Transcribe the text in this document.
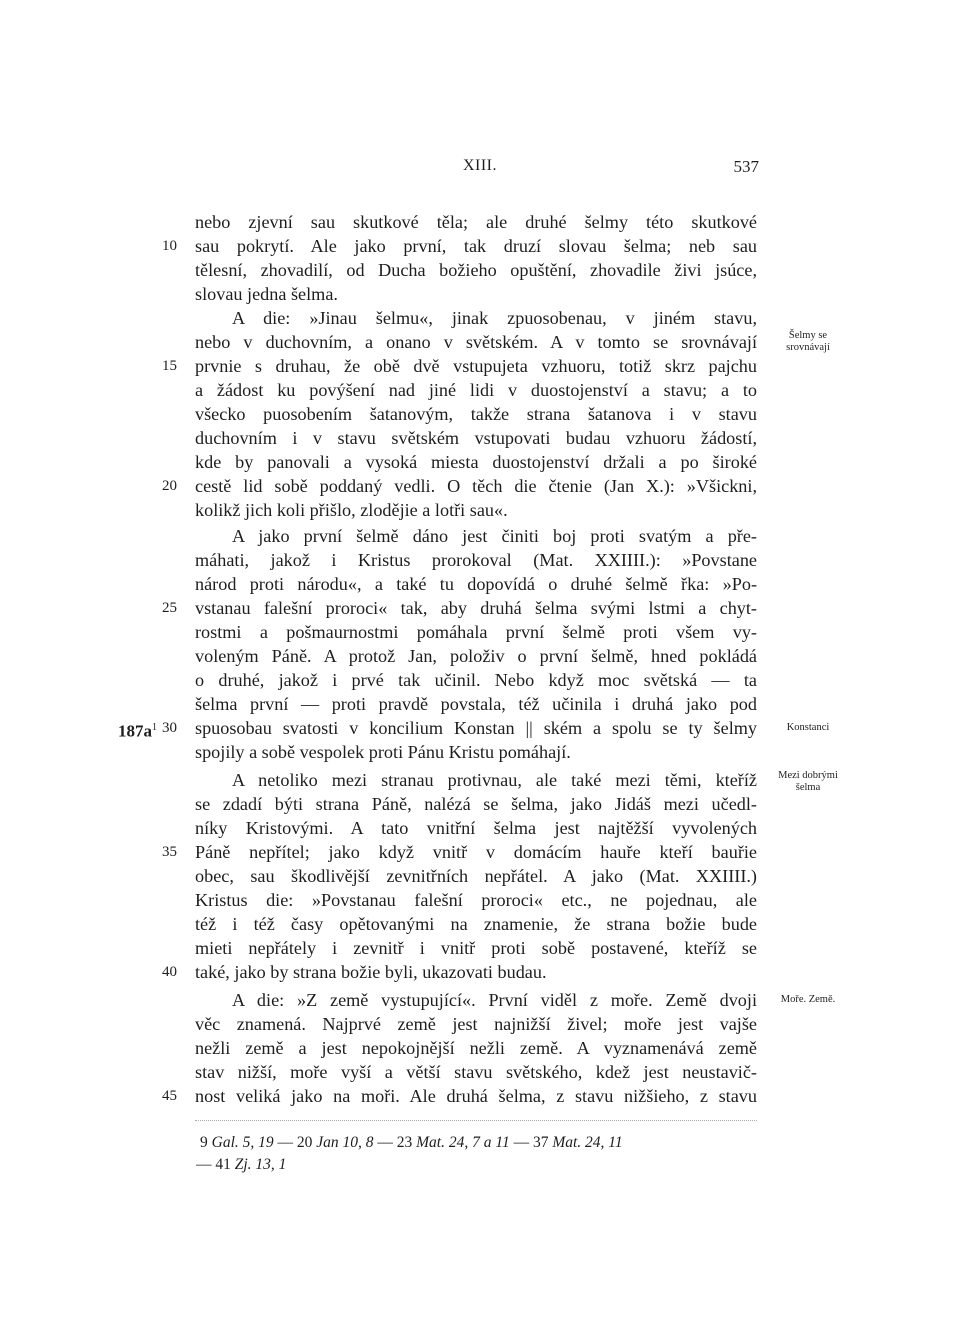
XIII.	537
nebo zjevní sau skutkové těla; ale druhé šelmy této skutkové
sau pokrytí. Ale jako první, tak druzí slovau šelma; neb sau
tělesní, zhovadilí, od Ducha božieho opuštění, zhovadile živi jsúce,
slovau jedna šelma.
A die: »Jinau šelmu«, jinak zpuosobenau, v jiném stavu,
nebo v duchovním, a onano v světském. A v tomto se srovnávají
prvnie s druhau, že obě dvě vstupujeta vzhuoru, totiž skrz pajchu
a žádost ku povýšení nad jiné lidi v duostojenství a stavu; a to
všecko puosobením šatanovým, takže strana šatanova i v stavu
duchovním i v stavu světském vstupovati budau vzhuoru žádostí,
kde by panovali a vysoká miesta duostojenství držali a po široké
cestě lid sobě poddaný vedli. O těch die čtenie (Jan X.): »Všickni,
kolikž jich koli přišlo, zlodějie a lotři sau«.
A jako první šelmě dáno jest činiti boj proti svatým a pře-
máhati, jakož i Kristus prorokoval (Mat. XXIIII.): »Povstane
národ proti národu«, a také tu dopovídá o druhé šelmě řka: »Po-
vstanau falešní proroci« tak, aby druhá šelma svými lstmi a chyt-
rostmi a pošmaurnostmi pomáhala první šelmě proti všem vy-
voleným Páně. A protož Jan, položiv o první šelmě, hned pokládá
o druhé, jakož i prvé tak učinil. Nebo když moc světská — ta
šelma první — proti pravdě povstala, též učinila i druhá jako pod
spuosobau svatosti v koncilium Konstan || ském a spolu se ty šelmy
spojily a sobě vespolek proti Pánu Kristu pomáhají.
A netoliko mezi stranau protivnau, ale také mezi těmi, kteříž
se zdadí býti strana Páně, nalézá se šelma, jako Jidáš mezi učedl-
níky Kristovými. A tato vnitřní šelma jest najtěžší vyvolených
Páně nepřítel; jako když vnitř v domácím hauře kteří bauřie
obec, sau škodlivější zevnitřních nepřátel. A jako (Mat. XXIIII.)
Kristus die: »Povstanau falešní proroci« etc., ne pojednau, ale
též i též časy opětovanými na znamenie, že strana božie bude
mieti nepřátely i zevnitř i vnitř proti sobě postavené, kteříž se
také, jako by strana božie byli, ukazovati budau.
A die: »Z země vystupující«. První viděl z moře. Země dvoji
věc znamená. Najprvé země jest najnižší živel; moře jest vajše
nežli země a jest nepokojnější nežli země. A vyznamenává země
stav nižší, moře vyší a větší stavu světského, kdež jest neustavič-
nost veliká jako na moři. Ale druhá šelma, z stavu nižšieho, z stavu
10
15
20
25
30
35
40
45
$187a^1$
Šelmy se srovnávají
Konstanci
Mezi dobrými šelma
Moře. Země.
9 Gal. 5, 19 — 20 Jan 10, 8 — 23 Mat. 24, 7 a 11 — 37 Mat. 24, 11
— 41 Zj. 13, 1
